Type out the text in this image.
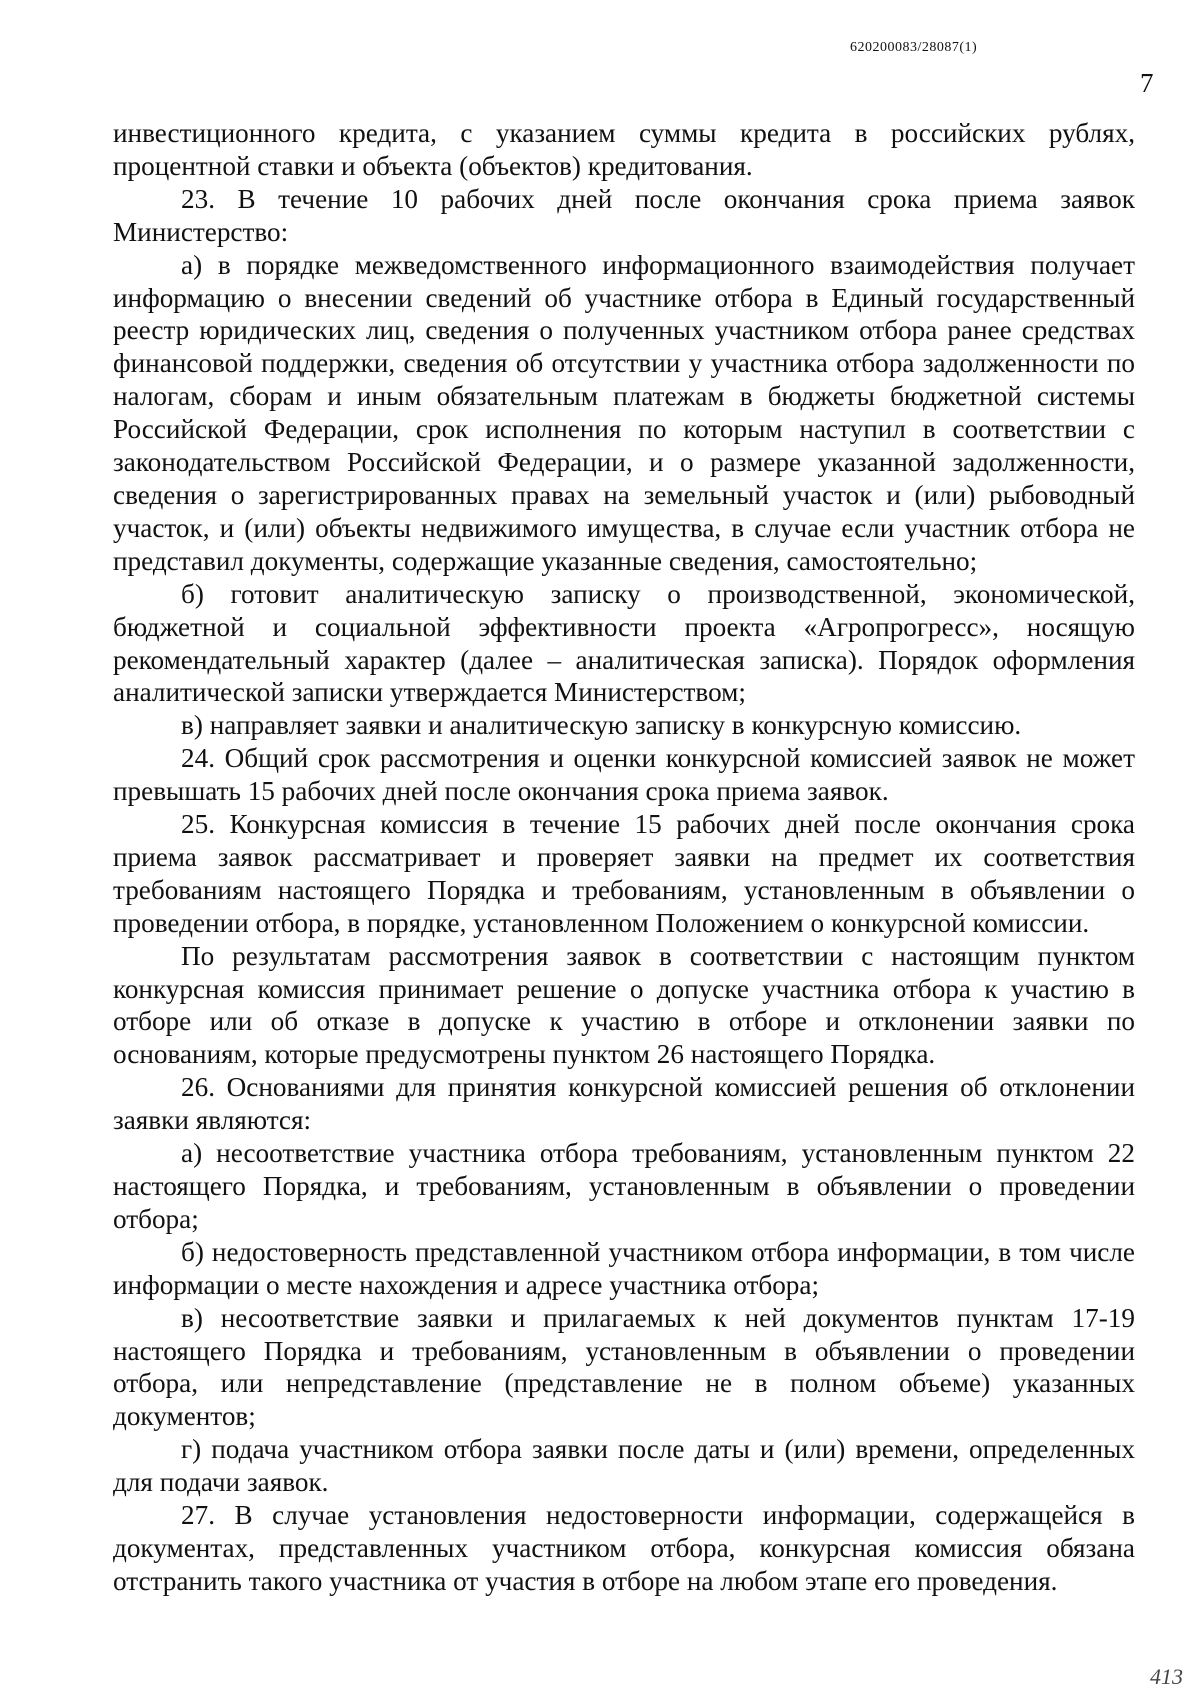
620200083/28087(1)
7

инвестиционного кредита, с указанием суммы кредита в российских рублях, процентной ставки и объекта (объектов) кредитования.

23. В течение 10 рабочих дней после окончания срока приема заявок Министерство:

а) в порядке межведомственного информационного взаимодействия получает информацию о внесении сведений об участнике отбора в Единый государственный реестр юридических лиц, сведения о полученных участником отбора ранее средствах финансовой поддержки, сведения об отсутствии у участника отбора задолженности по налогам, сборам и иным обязательным платежам в бюджеты бюджетной системы Российской Федерации, срок исполнения по которым наступил в соответствии с законодательством Российской Федерации, и о размере указанной задолженности, сведения о зарегистрированных правах на земельный участок и (или) рыбоводный участок, и (или) объекты недвижимого имущества, в случае если участник отбора не представил документы, содержащие указанные сведения, самостоятельно;

б) готовит аналитическую записку о производственной, экономической, бюджетной и социальной эффективности проекта «Агропрогресс», носящую рекомендательный характер (далее – аналитическая записка). Порядок оформления аналитической записки утверждается Министерством;

в) направляет заявки и аналитическую записку в конкурсную комиссию.

24. Общий срок рассмотрения и оценки конкурсной комиссией заявок не может превышать 15 рабочих дней после окончания срока приема заявок.

25. Конкурсная комиссия в течение 15 рабочих дней после окончания срока приема заявок рассматривает и проверяет заявки на предмет их соответствия требованиям настоящего Порядка и требованиям, установленным в объявлении о проведении отбора, в порядке, установленном Положением о конкурсной комиссии.

По результатам рассмотрения заявок в соответствии с настоящим пунктом конкурсная комиссия принимает решение о допуске участника отбора к участию в отборе или об отказе в допуске к участию в отборе и отклонении заявки по основаниям, которые предусмотрены пунктом 26 настоящего Порядка.

26. Основаниями для принятия конкурсной комиссией решения об отклонении заявки являются:

а) несоответствие участника отбора требованиям, установленным пунктом 22 настоящего Порядка, и требованиям, установленным в объявлении о проведении отбора;

б) недостоверность представленной участником отбора информации, в том числе информации о месте нахождения и адресе участника отбора;

в) несоответствие заявки и прилагаемых к ней документов пунктам 17-19 настоящего Порядка и требованиям, установленным в объявлении о проведении отбора, или непредставление (представление не в полном объеме) указанных документов;

г) подача участником отбора заявки после даты и (или) времени, определенных для подачи заявок.

27. В случае установления недостоверности информации, содержащейся в документах, представленных участником отбора, конкурсная комиссия обязана отстранить такого участника от участия в отборе на любом этапе его проведения.

413
